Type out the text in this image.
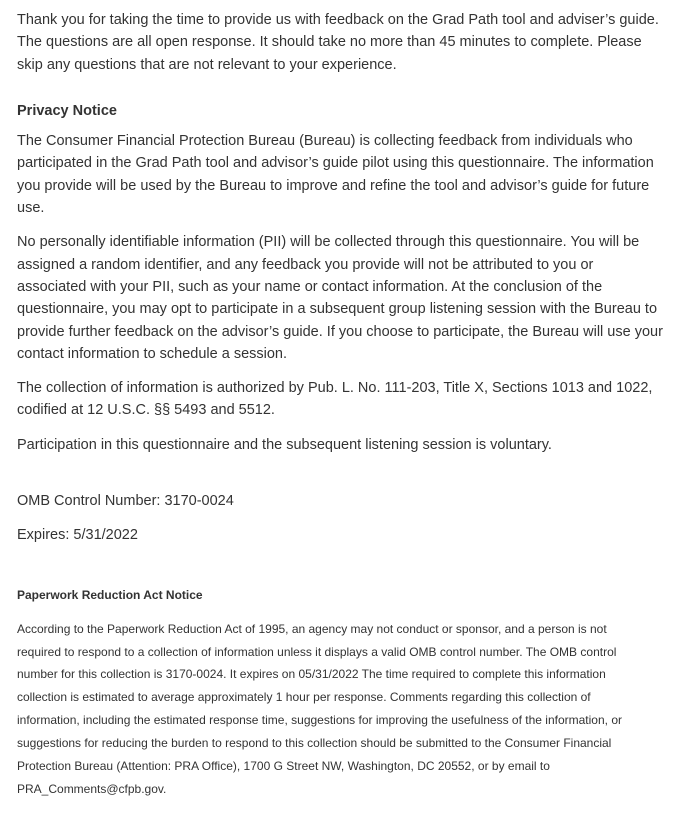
Thank you for taking the time to provide us with feedback on the Grad Path tool and adviser’s guide. The questions are all open response. It should take no more than 45 minutes to complete. Please skip any questions that are not relevant to your experience.

Privacy Notice

The Consumer Financial Protection Bureau (Bureau) is collecting feedback from individuals who participated in the Grad Path tool and advisor’s guide pilot using this questionnaire. The information you provide will be used by the Bureau to improve and refine the tool and advisor’s guide for future use.

No personally identifiable information (PII) will be collected through this questionnaire. You will be assigned a random identifier, and any feedback you provide will not be attributed to you or associated with your PII, such as your name or contact information. At the conclusion of the questionnaire, you may opt to participate in a subsequent group listening session with the Bureau to provide further feedback on the advisor’s guide. If you choose to participate, the Bureau will use your contact information to schedule a session.

The collection of information is authorized by Pub. L. No. 111-203, Title X, Sections 1013 and 1022, codified at 12 U.S.C. §§ 5493 and 5512.

Participation in this questionnaire and the subsequent listening session is voluntary.

OMB Control Number: 3170-0024

Expires: 5/31/2022

Paperwork Reduction Act Notice

According to the Paperwork Reduction Act of 1995, an agency may not conduct or sponsor, and a person is not required to respond to a collection of information unless it displays a valid OMB control number. The OMB control number for this collection is 3170-0024. It expires on 05/31/2022 The time required to complete this information collection is estimated to average approximately 1 hour per response. Comments regarding this collection of information, including the estimated response time, suggestions for improving the usefulness of the information, or suggestions for reducing the burden to respond to this collection should be submitted to the Consumer Financial Protection Bureau (Attention: PRA Office), 1700 G Street NW, Washington, DC 20552, or by email to PRA_Comments@cfpb.gov.
